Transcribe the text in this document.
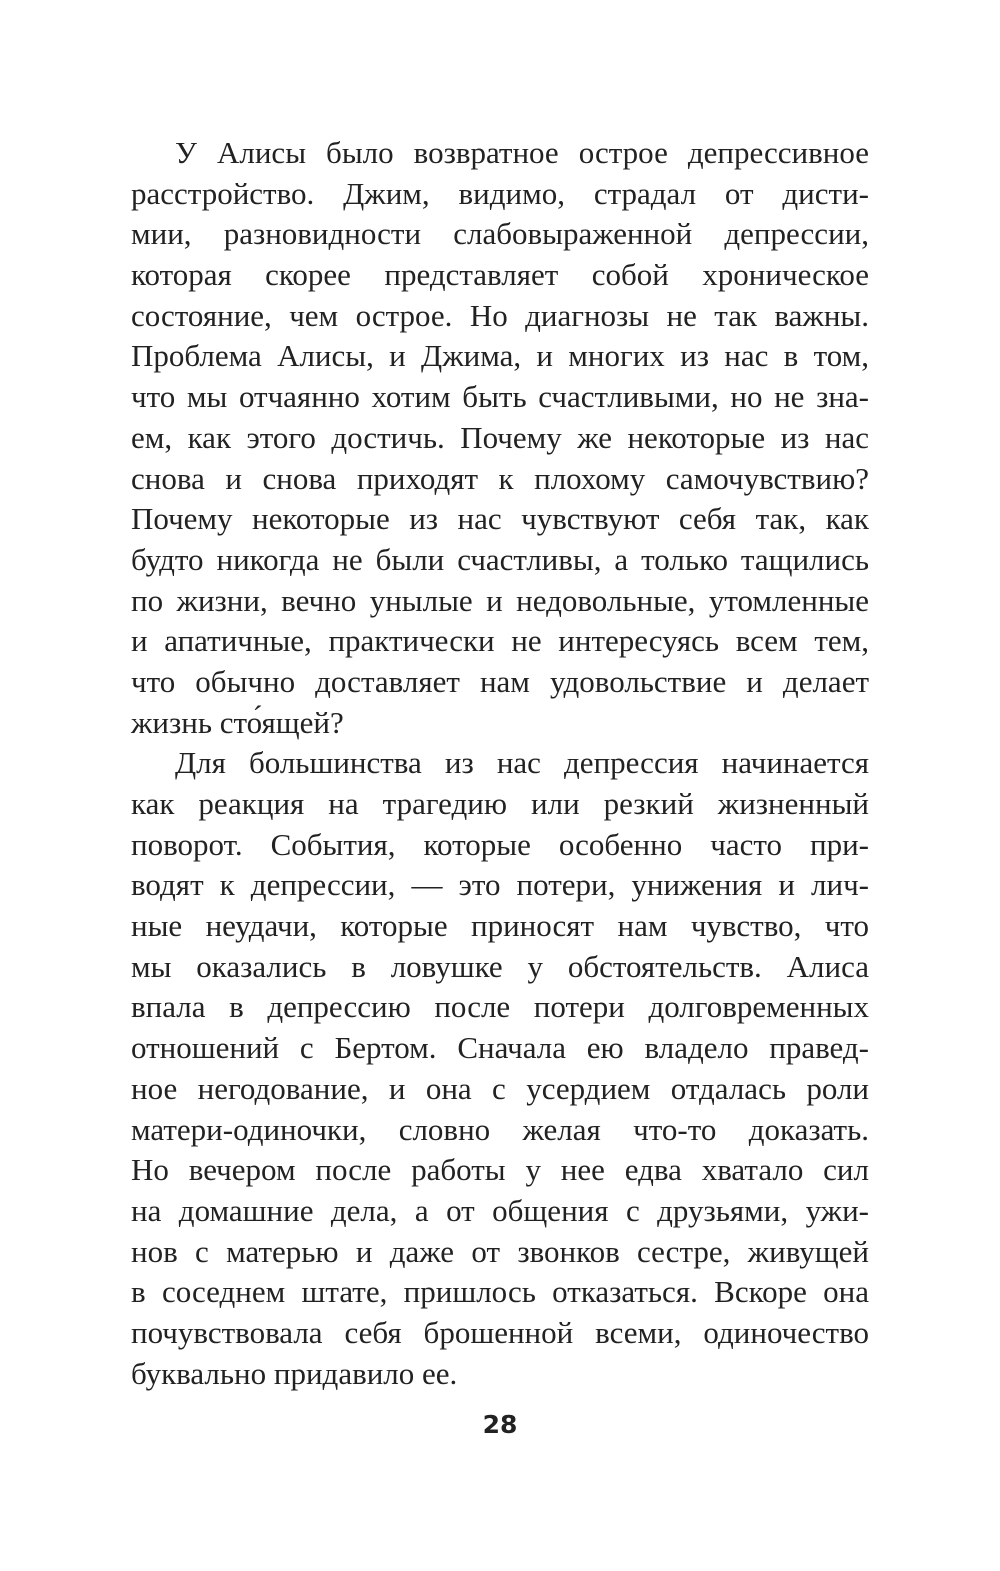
У Алисы было возвратное острое депрессивное
расстройство. Джим, видимо, страдал от дисти-
мии, разновидности слабовыраженной депрессии,
которая скорее представляет собой хроническое
состояние, чем острое. Но диагнозы не так важны.
Проблема Алисы, и Джима, и многих из нас в том,
что мы отчаянно хотим быть счастливыми, но не зна-
ем, как этого достичь. Почему же некоторые из нас
снова и снова приходят к плохому самочувствию?
Почему некоторые из нас чувствуют себя так, как
будто никогда не были счастливы, а только тащились
по жизни, вечно унылые и недовольные, утомленные
и апатичные, практически не интересуясь всем тем,
что обычно доставляет нам удовольствие и делает
жизнь сто́ящей?
Для большинства из нас депрессия начинается
как реакция на трагедию или резкий жизненный
поворот. События, которые особенно часто при-
водят к депрессии, — это потери, унижения и лич-
ные неудачи, которые приносят нам чувство, что
мы оказались в ловушке у обстоятельств. Алиса
впала в депрессию после потери долговременных
отношений с Бертом. Сначала ею владело правед-
ное негодование, и она с усердием отдалась роли
матери-одиночки, словно желая что-то доказать.
Но вечером после работы у нее едва хватало сил
на домашние дела, а от общения с друзьями, ужи-
нов с матерью и даже от звонков сестре, живущей
в соседнем штате, пришлось отказаться. Вскоре она
почувствовала себя брошенной всеми, одиночество
буквально придавило ее.
28
